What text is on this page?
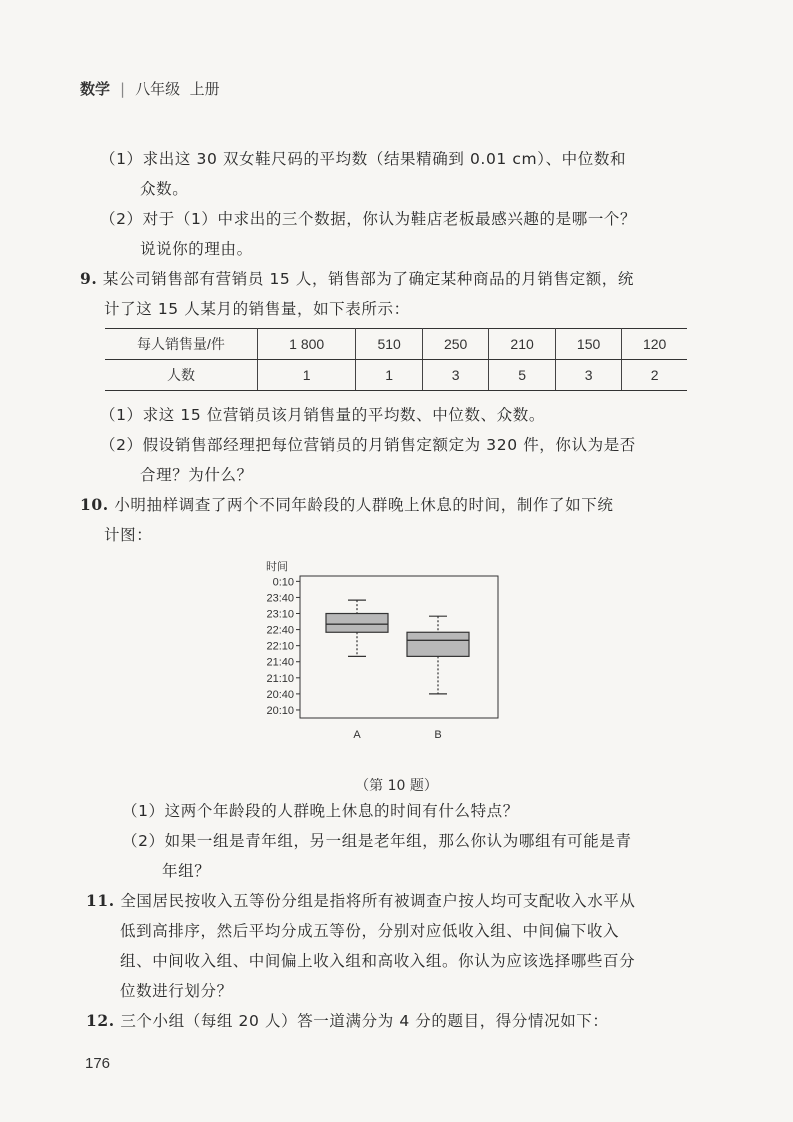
数学 | 八年级 上册
（1）求出这 30 双女鞋尺码的平均数（结果精确到 0.01 cm）、中位数和
众数。
（2）对于（1）中求出的三个数据，你认为鞋店老板最感兴趣的是哪一个？
说说你的理由。
9. 某公司销售部有营销员 15 人，销售部为了确定某种商品的月销售定额，统
计了这 15 人某月的销售量，如下表所示：
每人销售量/件	1 800	510	250	210	150	120
人数	1	1	3	5	3	2
（1）求这 15 位营销员该月销售量的平均数、中位数、众数。
（2）假设销售部经理把每位营销员的月销售定额定为 320 件，你认为是否
合理？为什么？
10. 小明抽样调查了两个不同年龄段的人群晚上休息的时间，制作了如下统
计图：
时间
0:10
23:40
23:10
22:40
22:10
21:40
21:10
20:40
20:10
A	B
（第 10 题）
（1）这两个年龄段的人群晚上休息的时间有什么特点？
（2）如果一组是青年组，另一组是老年组，那么你认为哪组有可能是青
年组？
11. 全国居民按收入五等份分组是指将所有被调查户按人均可支配收入水平从
低到高排序，然后平均分成五等份，分别对应低收入组、中间偏下收入
组、中间收入组、中间偏上收入组和高收入组。你认为应该选择哪些百分
位数进行划分？
12. 三个小组（每组 20 人）答一道满分为 4 分的题目，得分情况如下：
176
